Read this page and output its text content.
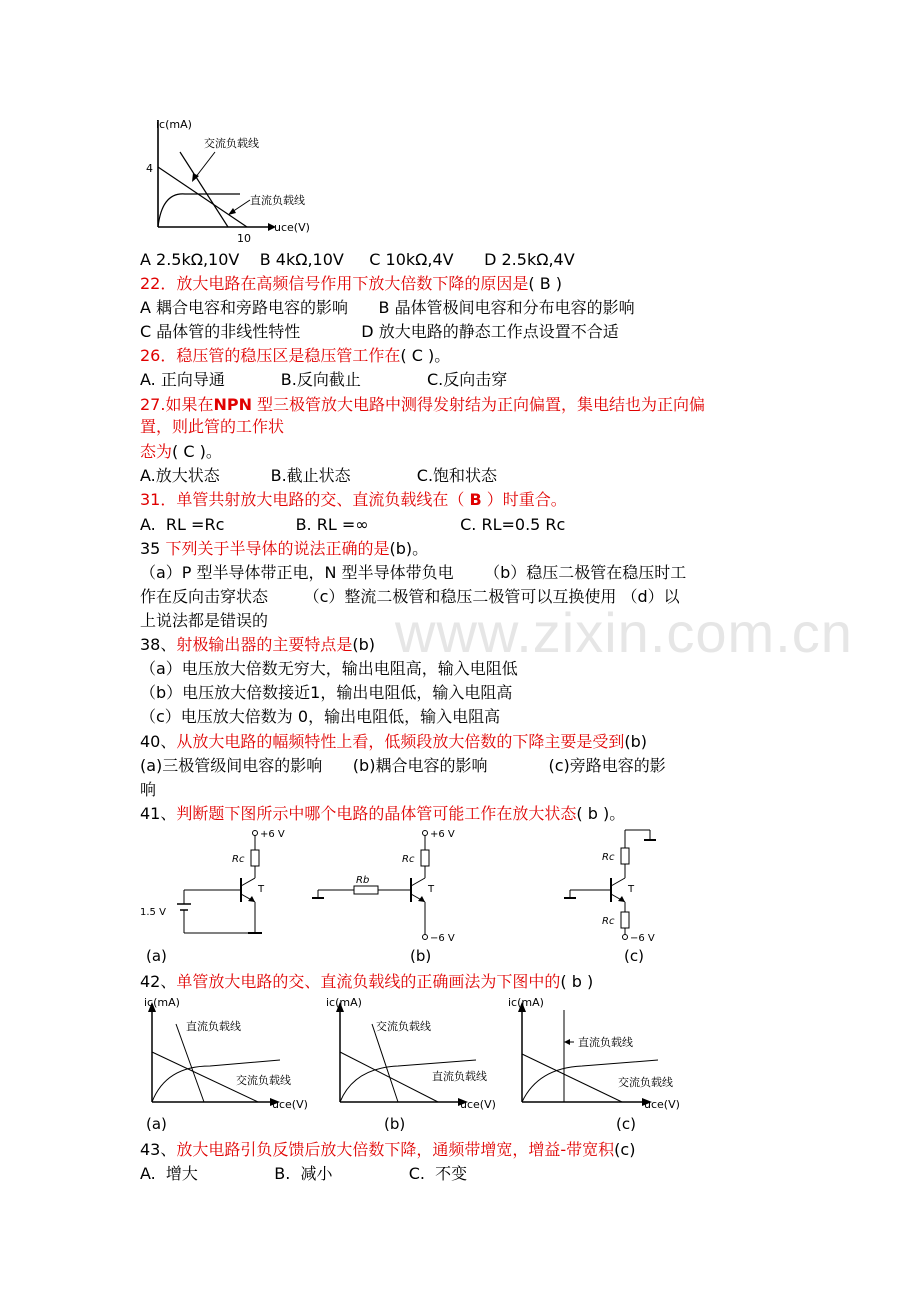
ic(mA)
4
交流负载线
直流负载线
uce(V)
10
A 2.5kΩ,10V    B 4kΩ,10V     C 10kΩ,4V      D 2.5kΩ,4V
22．放大电路在高频信号作用下放大倍数下降的原因是( B )
A 耦合电容和旁路电容的影响      B 晶体管极间电容和分布电容的影响
C 晶体管的非线性特性            D 放大电路的静态工作点设置不合适
26．稳压管的稳压区是稳压管工作在( C )。
A. 正向导通           B.反向截止             C.反向击穿
27.如果在NPN 型三极管放大电路中测得发射结为正向偏置，集电结也为正向偏
置，则此管的工作状
态为( C )。
A.放大状态          B.截止状态             C.饱和状态
31．单管共射放大电路的交、直流负载线在（ B ）时重合。
A.  RL =Rc              B. RL =∞                  C. RL=0.5 Rc
35 下列关于半导体的说法正确的是(b)。
（a）P 型半导体带正电，N 型半导体带负电      （b）稳压二极管在稳压时工
作在反向击穿状态       （c）整流二极管和稳压二极管可以互换使用 （d）以
上说法都是错误的 www.zixin.com.cn
38、射极输出器的主要特点是(b)
（a）电压放大倍数无穷大，输出电阻高，输入电阻低
（b）电压放大倍数接近1，输出电阻低，输入电阻高
（c）电压放大倍数为 0，输出电阻低，输入电阻高
40、从放大电路的幅频特性上看，低频段放大倍数的下降主要是受到(b)
(a)三极管级间电容的影响      (b)耦合电容的影响            (c)旁路电容的影
响
41、判断题下图所示中哪个电路的晶体管可能工作在放大状态( b )。
+6 V
Rc
T
1.5 V
+6 V
Rc
T
−6 V
Rb
Rc
T
Rc
−6 V
(a)	(b)	(c)
42、单管放大电路的交、直流负载线的正确画法为下图中的( b )
ic(mA)
uce(V)
直流负载线
交流负载线
ic(mA)
uce(V)
交流负载线
直流负载线
ic(mA)
uce(V)
直流负载线
交流负载线
(a)	(b)	(c)
43、放大电路引负反馈后放大倍数下降，通频带增宽，增益-带宽积(c)
A.  增大               B.  减小               C.  不变
